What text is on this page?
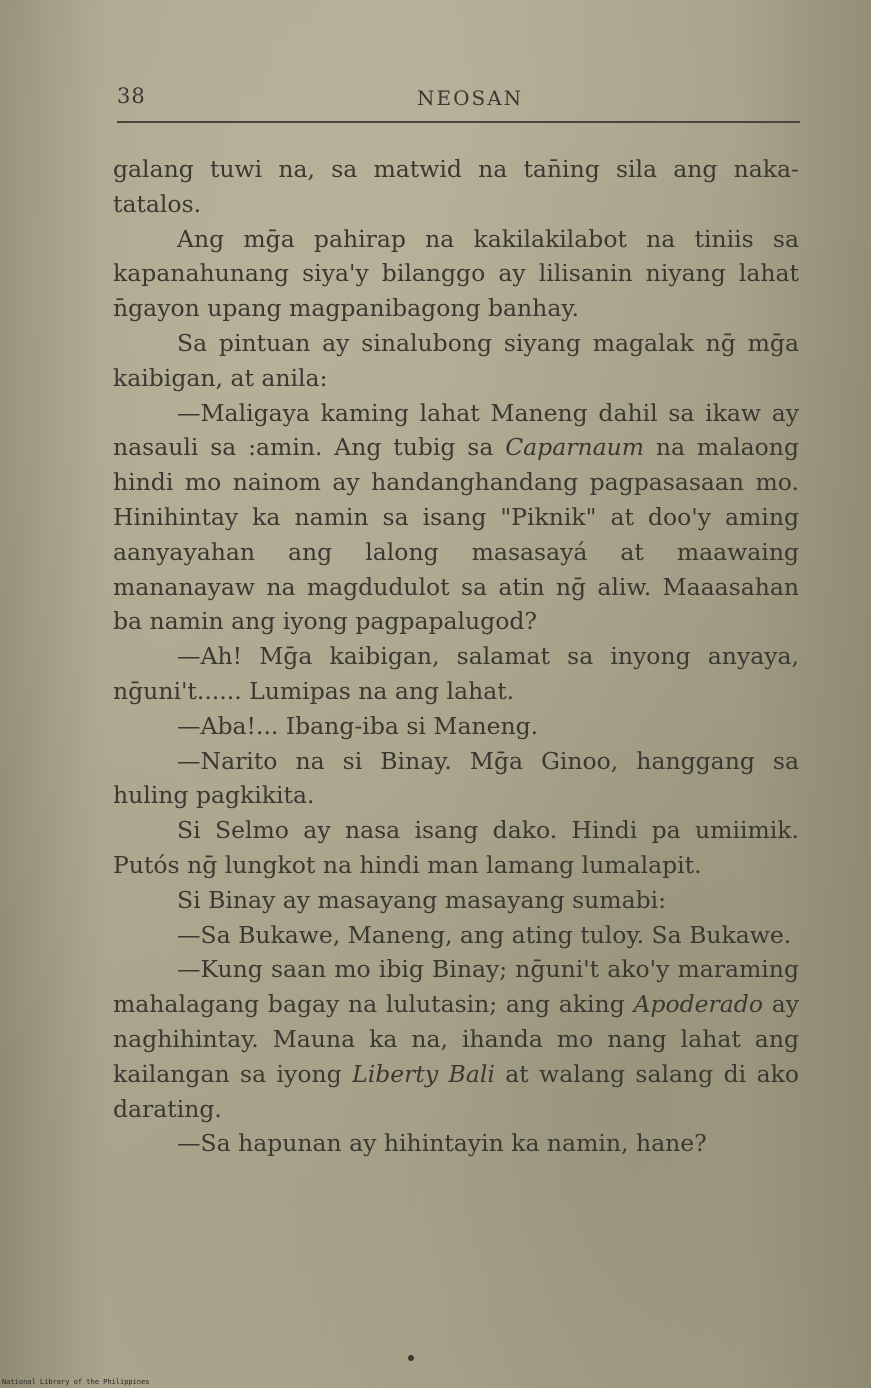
38	NEOSAN

galang tuwi na, sa matwid na tan̄ing sila ang naka- tatalos.

Ang mḡa pahirap na kakilakilabot na tiniis sa kapanahunang siya'y bilanggo ay lilisanin niyang lahat n̄gayon upang magpanibagong banhay.

Sa pintuan ay sinalubong siyang magalak nḡ mḡa kaibigan, at anila:

—Maligaya kaming lahat Maneng dahil sa ikaw ay nasauli sa :amin. Ang tubig sa Caparnaum na malaong hindi mo nainom ay handanghandang pagpasasaan mo. Hinihintay ka namin sa isang "Piknik" at doo'y aming aanyayahan ang lalong masasayá at maawaing mananayaw na magdudulot sa atin nḡ aliw. Maaasahan ba namin ang iyong pagpapalugod?

—Ah! Mḡa kaibigan, salamat sa inyong anyaya, nḡuni't...... Lumipas na ang lahat.

—Aba!... Ibang-iba si Maneng.

—Narito na si Binay. Mḡa Ginoo, hanggang sa huling pagkikita.

Si Selmo ay nasa isang dako. Hindi pa umiimik. Putós nḡ lungkot na hindi man lamang lumalapit.

Si Binay ay masayang masayang sumabi:

—Sa Bukawe, Maneng, ang ating tuloy. Sa Bukawe.

—Kung saan mo ibig Binay; nḡuni't ako'y maraming mahalagang bagay na lulutasin; ang aking Apoderado ay naghihintay. Mauna ka na, ihanda mo nang lahat ang kailangan sa iyong Liberty Bali at walang salang di ako darating.

—Sa hapunan ay hihintayin ka namin, hane?

National Library of the Philippines
